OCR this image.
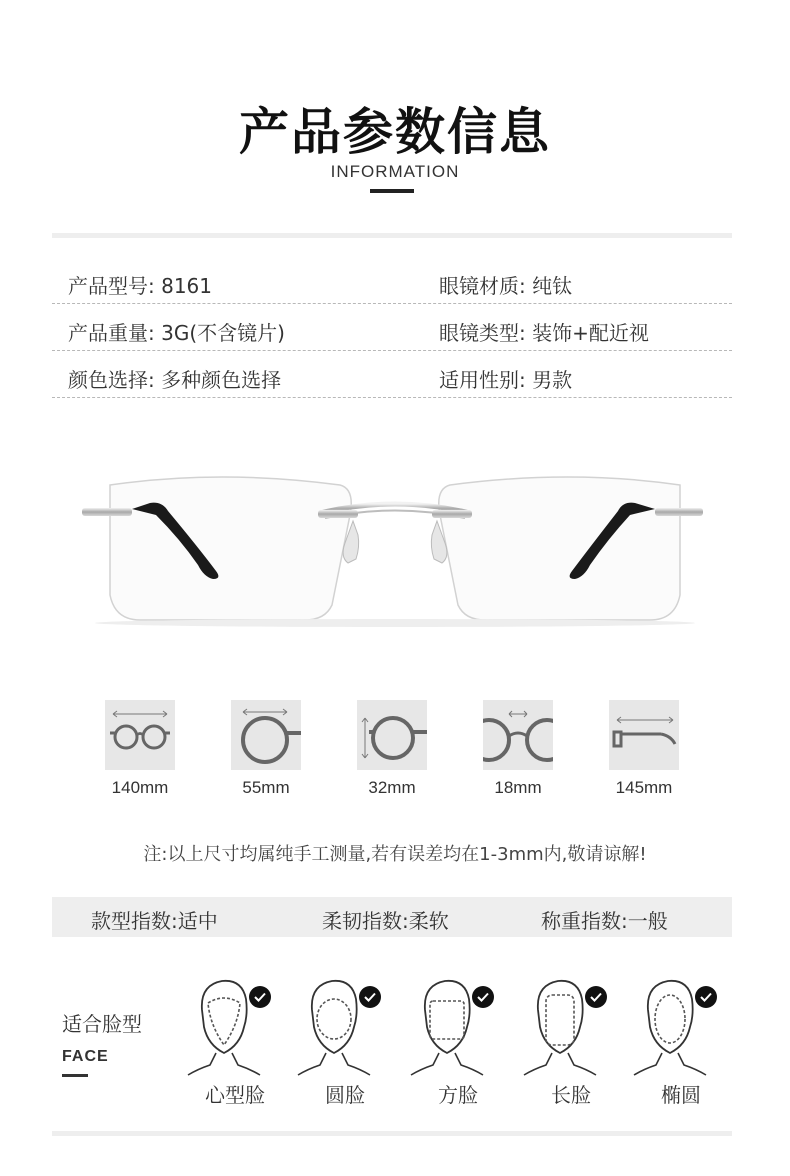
产品参数信息
INFORMATION
产品型号: 8161	眼镜材质: 纯钛
产品重量: 3G(不含镜片)	眼镜类型: 装饰+配近视
颜色选择: 多种颜色选择	适用性别: 男款
140mm	55mm	32mm	18mm	145mm
注:以上尺寸均属纯手工测量,若有误差均在1-3mm内,敬请谅解!
款型指数:适中	柔韧指数:柔软	称重指数:一般
适合脸型
FACE
心型脸	圆脸	方脸	长脸	椭圆
